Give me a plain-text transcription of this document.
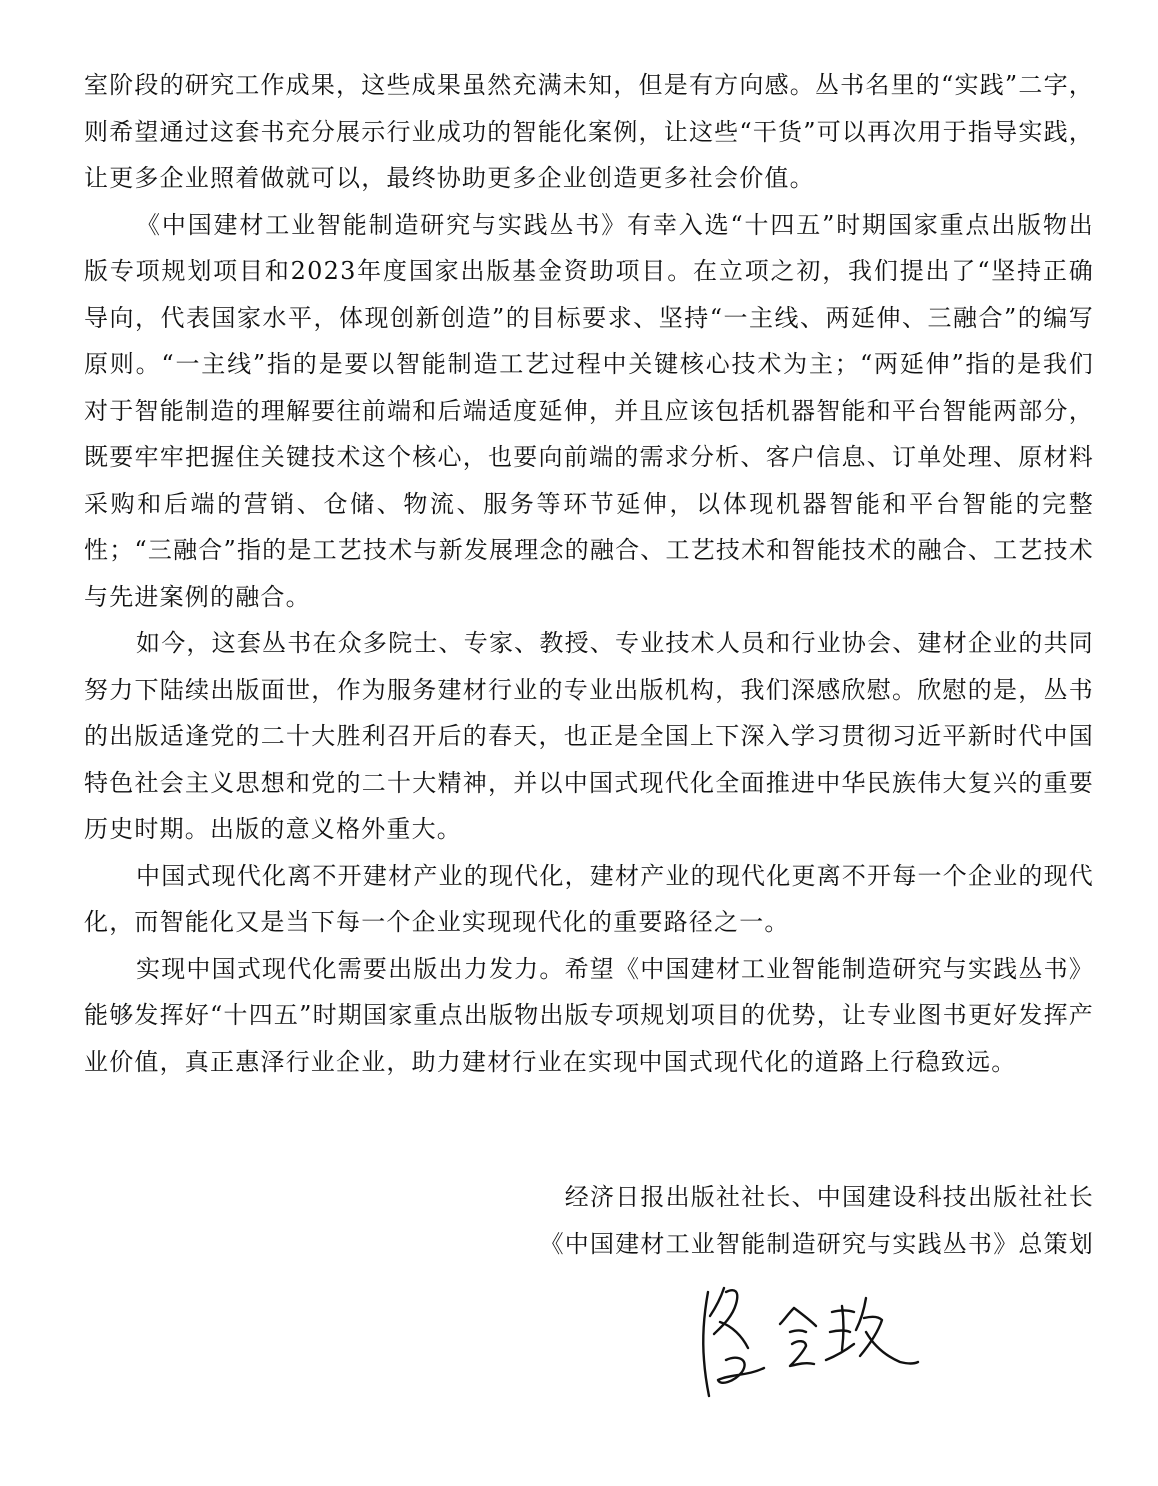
室阶段的研究工作成果，这些成果虽然充满未知，但是有方向感。丛书名里的“实践”二字，则希望通过这套书充分展示行业成功的智能化案例，让这些“干货”可以再次用于指导实践，让更多企业照着做就可以，最终协助更多企业创造更多社会价值。

《中国建材工业智能制造研究与实践丛书》有幸入选“十四五”时期国家重点出版物出版专项规划项目和2023年度国家出版基金资助项目。在立项之初，我们提出了“坚持正确导向，代表国家水平，体现创新创造”的目标要求、坚持“一主线、两延伸、三融合”的编写原则。“一主线”指的是要以智能制造工艺过程中关键核心技术为主；“两延伸”指的是我们对于智能制造的理解要往前端和后端适度延伸，并且应该包括机器智能和平台智能两部分，既要牢牢把握住关键技术这个核心，也要向前端的需求分析、客户信息、订单处理、原材料采购和后端的营销、仓储、物流、服务等环节延伸，以体现机器智能和平台智能的完整性；“三融合”指的是工艺技术与新发展理念的融合、工艺技术和智能技术的融合、工艺技术与先进案例的融合。

如今，这套丛书在众多院士、专家、教授、专业技术人员和行业协会、建材企业的共同努力下陆续出版面世，作为服务建材行业的专业出版机构，我们深感欣慰。欣慰的是，丛书的出版适逢党的二十大胜利召开后的春天，也正是全国上下深入学习贯彻习近平新时代中国特色社会主义思想和党的二十大精神，并以中国式现代化全面推进中华民族伟大复兴的重要历史时期。出版的意义格外重大。

中国式现代化离不开建材产业的现代化，建材产业的现代化更离不开每一个企业的现代化，而智能化又是当下每一个企业实现现代化的重要路径之一。

实现中国式现代化需要出版出力发力。希望《中国建材工业智能制造研究与实践丛书》能够发挥好“十四五”时期国家重点出版物出版专项规划项目的优势，让专业图书更好发挥产业价值，真正惠泽行业企业，助力建材行业在实现中国式现代化的道路上行稳致远。

经济日报出版社社长、中国建设科技出版社社长
《中国建材工业智能制造研究与实践丛书》总策划
